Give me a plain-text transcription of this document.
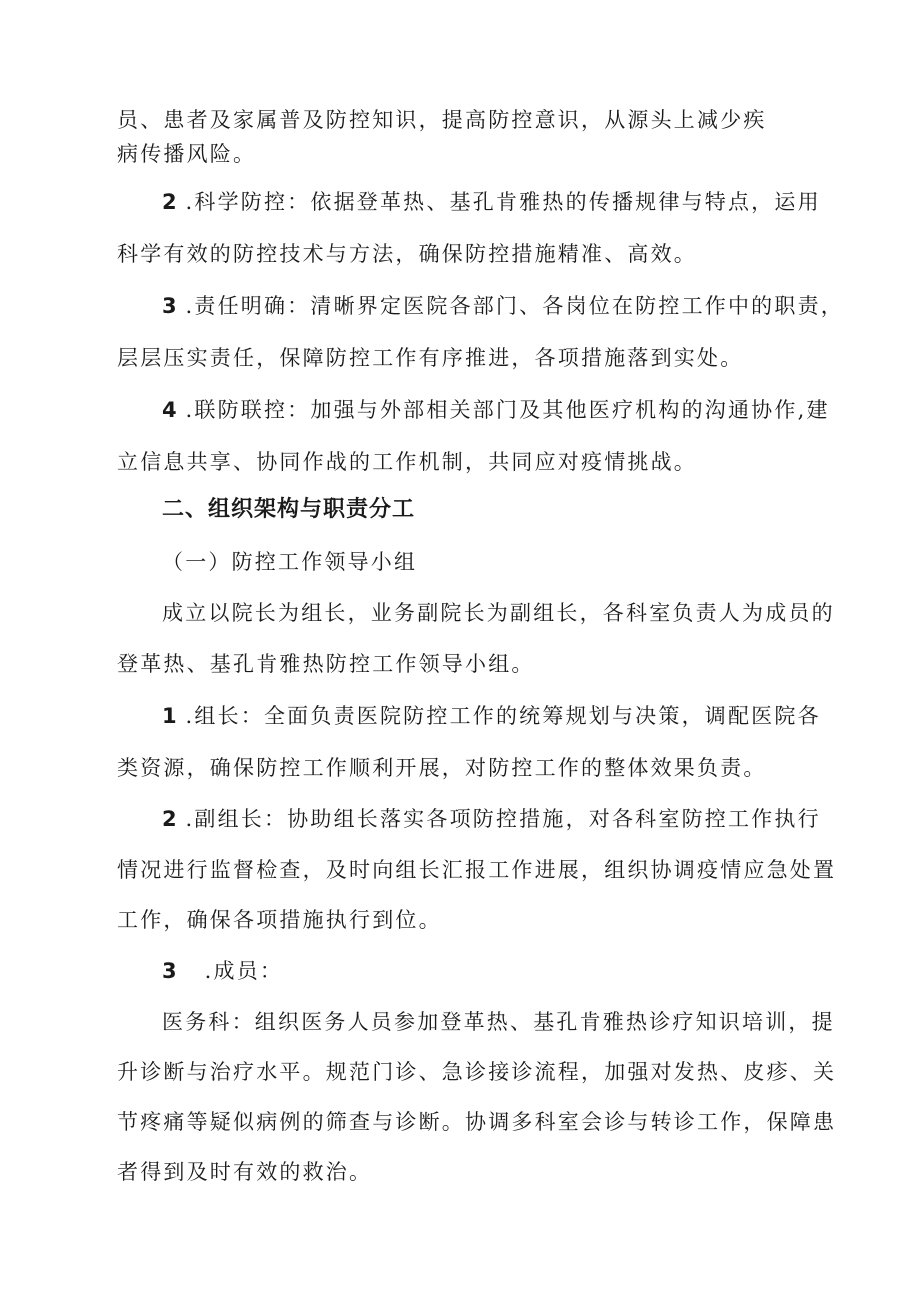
员、患者及家属普及防控知识，提高防控意识，从源头上减少疾
病传播风险。
2 .科学防控：依据登革热、基孔肯雅热的传播规律与特点，运用
科学有效的防控技术与方法，确保防控措施精准、高效。
3 .责任明确：清晰界定医院各部门、各岗位在防控工作中的职责，
层层压实责任，保障防控工作有序推进，各项措施落到实处。
4 .联防联控：加强与外部相关部门及其他医疗机构的沟通协作,建
立信息共享、协同作战的工作机制，共同应对疫情挑战。
二、组织架构与职责分工
（一）防控工作领导小组
成立以院长为组长，业务副院长为副组长，各科室负责人为成员的
登革热、基孔肯雅热防控工作领导小组。
1 .组长：全面负责医院防控工作的统筹规划与决策，调配医院各
类资源，确保防控工作顺利开展，对防控工作的整体效果负责。
2 .副组长：协助组长落实各项防控措施，对各科室防控工作执行
情况进行监督检查，及时向组长汇报工作进展，组织协调疫情应急处置
工作，确保各项措施执行到位。
3 .成员：
医务科：组织医务人员参加登革热、基孔肯雅热诊疗知识培训，提
升诊断与治疗水平。规范门诊、急诊接诊流程，加强对发热、皮疹、关
节疼痛等疑似病例的筛查与诊断。协调多科室会诊与转诊工作，保障患
者得到及时有效的救治。
